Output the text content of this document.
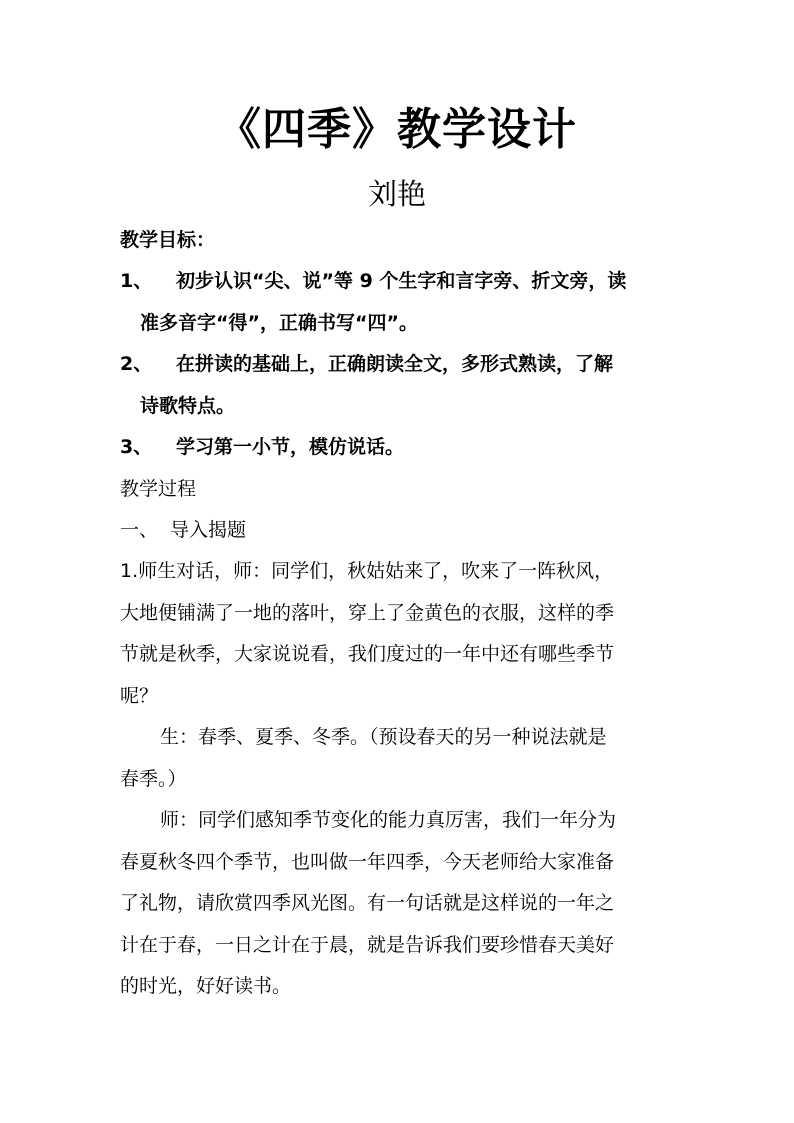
《四季》教学设计
刘艳
教学目标：
1、 初步认识“尖、说”等 9 个生字和言字旁、折文旁，读
准多音字“得”，正确书写“四”。
2、 在拼读的基础上，正确朗读全文，多形式熟读，了解
诗歌特点。
3、 学习第一小节，模仿说话。
教学过程
一、 导入揭题
1.师生对话，师：同学们，秋姑姑来了，吹来了一阵秋风，
大地便铺满了一地的落叶，穿上了金黄色的衣服，这样的季
节就是秋季，大家说说看，我们度过的一年中还有哪些季节
呢？
生：春季、夏季、冬季。（预设春天的另一种说法就是
春季。）
师：同学们感知季节变化的能力真厉害，我们一年分为
春夏秋冬四个季节，也叫做一年四季，今天老师给大家准备
了礼物，请欣赏四季风光图。有一句话就是这样说的一年之
计在于春，一日之计在于晨，就是告诉我们要珍惜春天美好
的时光，好好读书。
